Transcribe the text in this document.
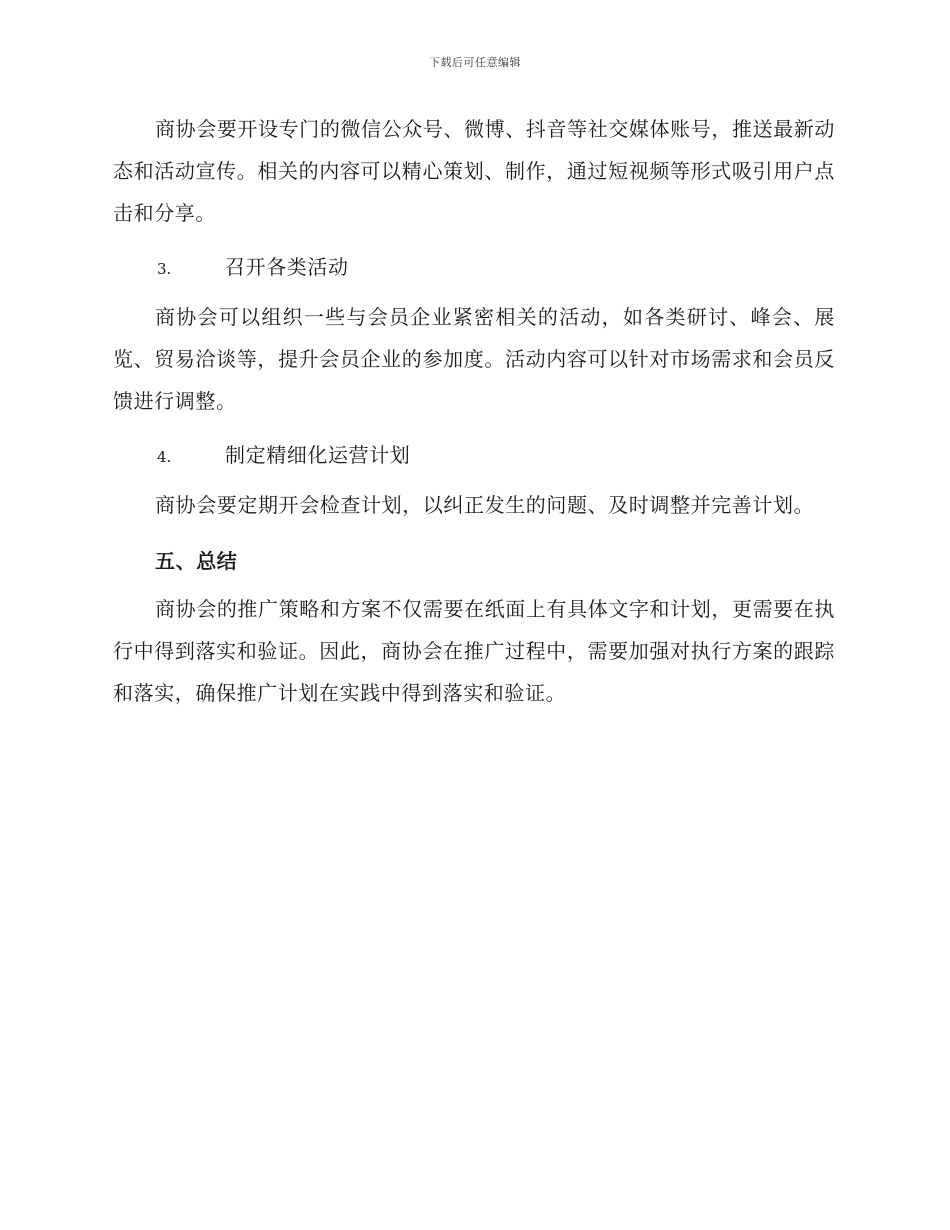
下载后可任意编辑

商协会要开设专门的微信公众号、微博、抖音等社交媒体账号，推送最新动态和活动宣传。相关的内容可以精心策划、制作，通过短视频等形式吸引用户点击和分享。

3.	召开各类活动

商协会可以组织一些与会员企业紧密相关的活动，如各类研讨、峰会、展览、贸易洽谈等，提升会员企业的参加度。活动内容可以针对市场需求和会员反馈进行调整。

4.	制定精细化运营计划

商协会要定期开会检查计划，以纠正发生的问题、及时调整并完善计划。

五、总结

商协会的推广策略和方案不仅需要在纸面上有具体文字和计划，更需要在执行中得到落实和验证。因此，商协会在推广过程中，需要加强对执行方案的跟踪和落实，确保推广计划在实践中得到落实和验证。
